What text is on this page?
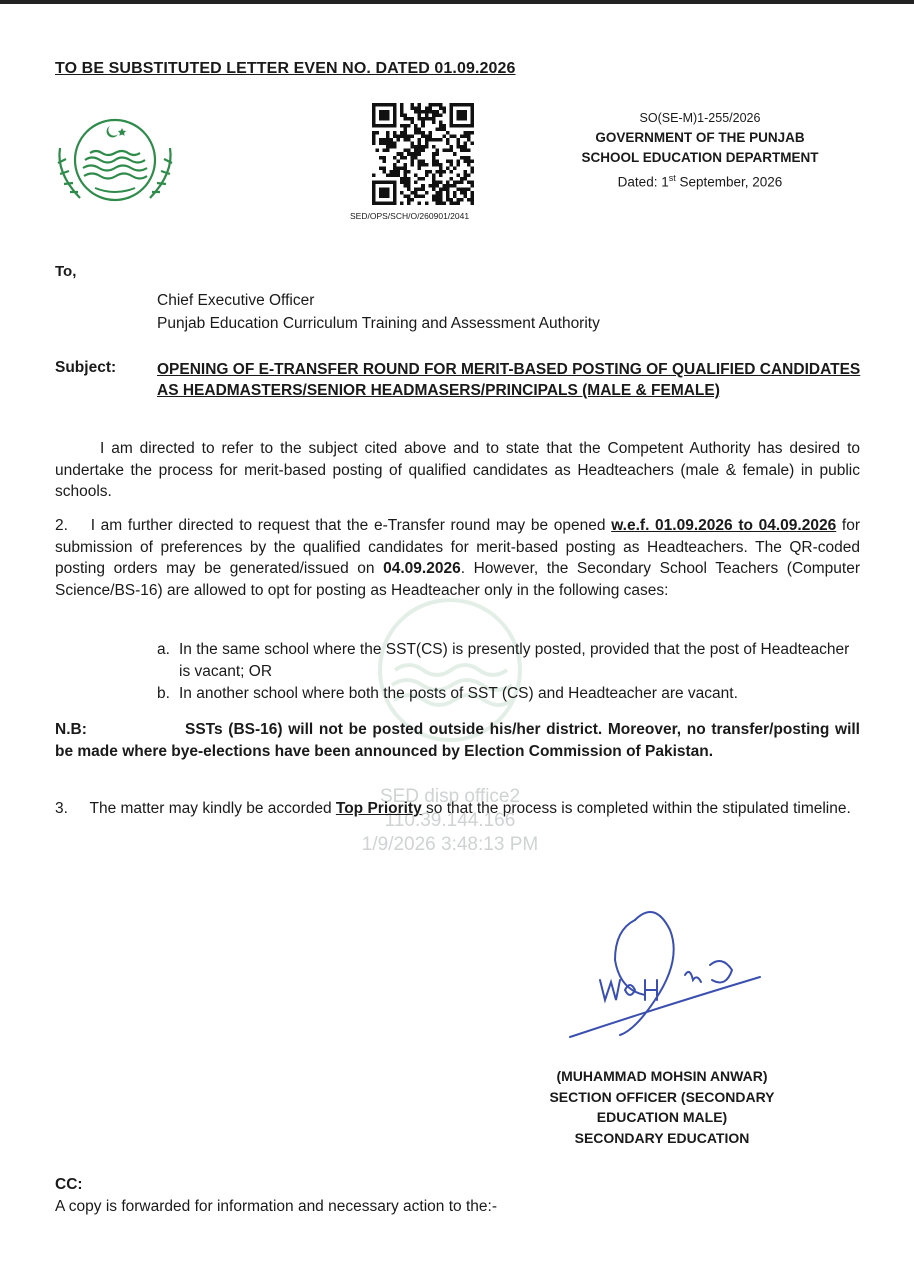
TO BE SUBSTITUTED LETTER EVEN NO. DATED 01.09.2026
SED/OPS/SCH/O/260901/2041
SO(SE-M)1-255/2026
GOVERNMENT OF THE PUNJAB
SCHOOL EDUCATION DEPARTMENT
Dated: 1st September, 2026
To,
Chief Executive Officer
Punjab Education Curriculum Training and Assessment Authority
Subject:	OPENING OF E-TRANSFER ROUND FOR MERIT-BASED POSTING OF QUALIFIED CANDIDATES AS HEADMASTERS/SENIOR HEADMASERS/PRINCIPALS (MALE & FEMALE)
I am directed to refer to the subject cited above and to state that the Competent Authority has desired to undertake the process for merit-based posting of qualified candidates as Headteachers (male & female) in public schools.
2. I am further directed to request that the e-Transfer round may be opened w.e.f. 01.09.2026 to 04.09.2026 for submission of preferences by the qualified candidates for merit-based posting as Headteachers. The QR-coded posting orders may be generated/issued on 04.09.2026. However, the Secondary School Teachers (Computer Science/BS-16) are allowed to opt for posting as Headteacher only in the following cases:
a. In the same school where the SST(CS) is presently posted, provided that the post of Headteacher is vacant; OR
b. In another school where both the posts of SST (CS) and Headteacher are vacant.
N.B:	SSTs (BS-16) will not be posted outside his/her district. Moreover, no transfer/posting will be made where bye-elections have been announced by Election Commission of Pakistan.
SED disp office2
110.39.144.166
1/9/2026 3:48:13 PM
3. The matter may kindly be accorded Top Priority so that the process is completed within the stipulated timeline.
(MUHAMMAD MOHSIN ANWAR)
SECTION OFFICER (SECONDARY EDUCATION MALE)
SECONDARY EDUCATION
CC:
A copy is forwarded for information and necessary action to the:-
